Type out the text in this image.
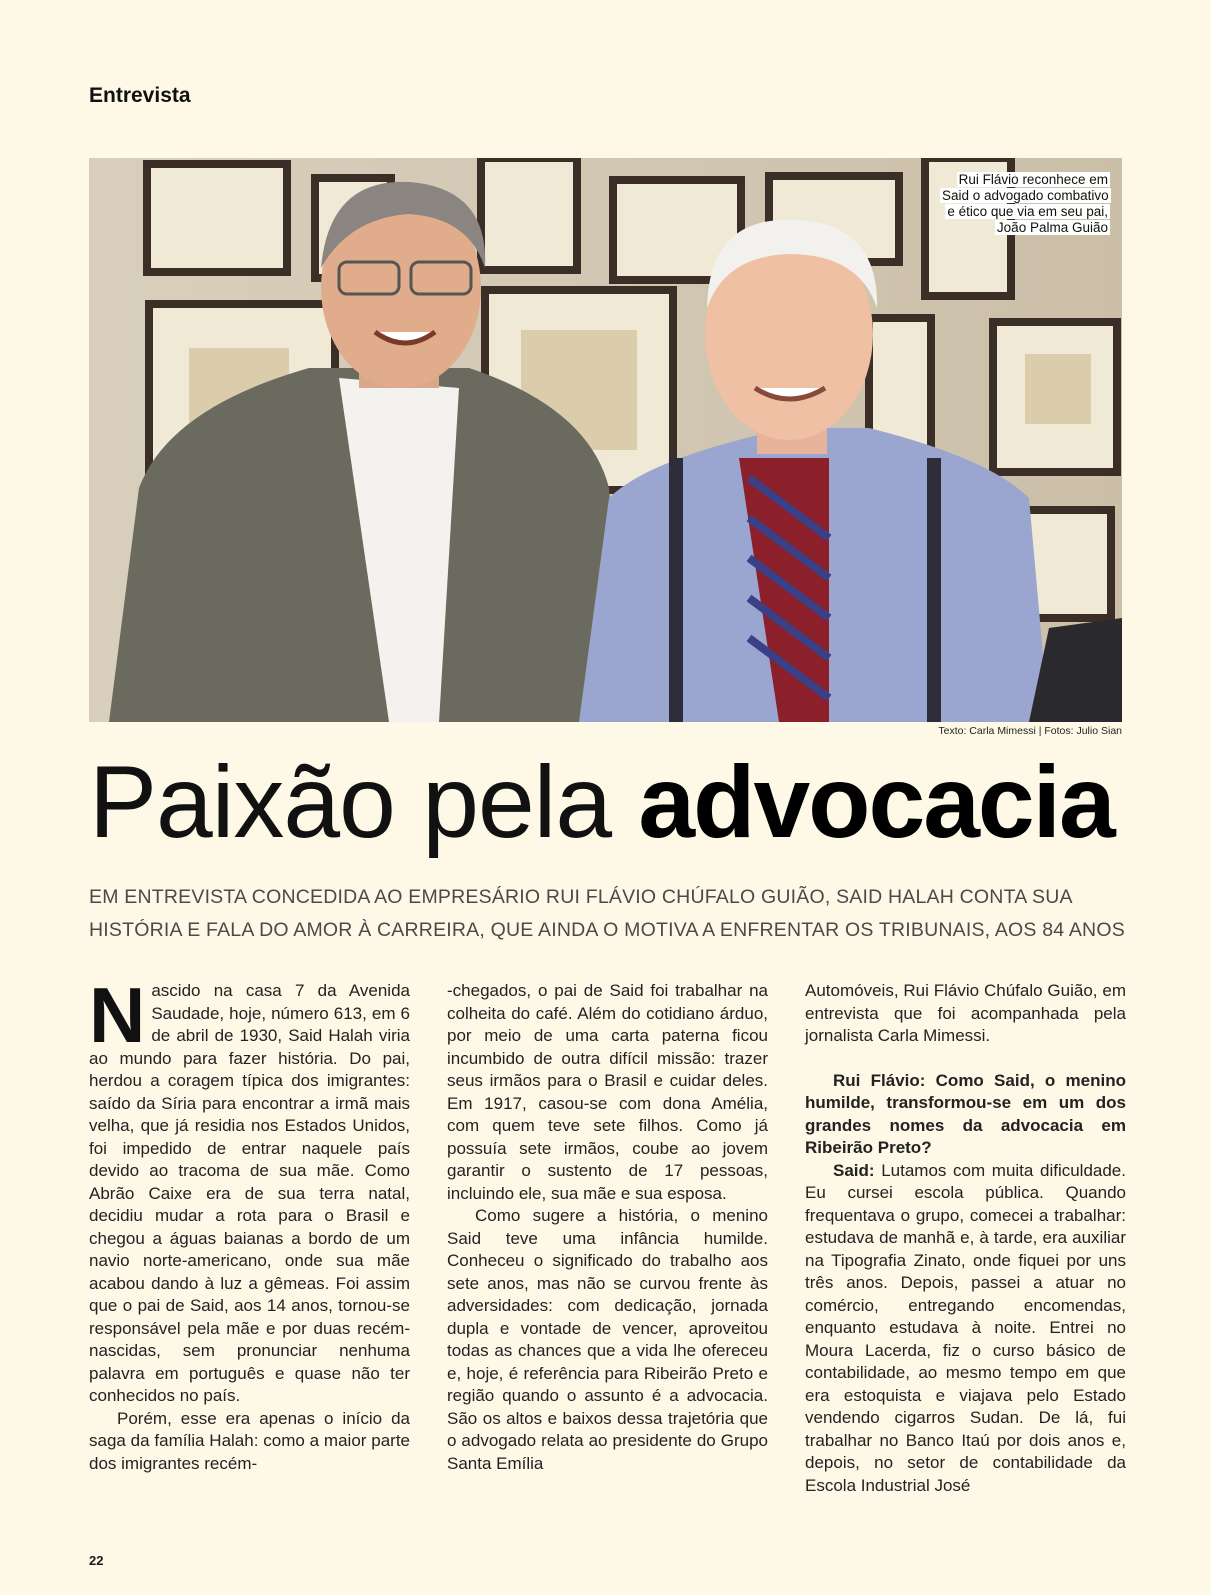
Entrevista
Rui Flávio reconhece em Said o advogado combativo e ético que via em seu pai, João Palma Guião
Texto: Carla Mimessi | Fotos: Julio Sian
Paixão pela advocacia
EM ENTREVISTA CONCEDIDA AO EMPRESÁRIO RUI FLÁVIO CHÚFALO GUIÃO, SAID HALAH CONTA SUA HISTÓRIA E FALA DO AMOR À CARREIRA, QUE AINDA O MOTIVA A ENFRENTAR OS TRIBUNAIS, AOS 84 ANOS

Nascido na casa 7 da Avenida Saudade, hoje, número 613, em 6 de abril de 1930, Said Halah viria ao mundo para fazer história. Do pai, herdou a coragem típica dos imigrantes: saído da Síria para encontrar a irmã mais velha, que já residia nos Estados Unidos, foi impedido de entrar naquele país devido ao tracoma de sua mãe. Como Abrão Caixe era de sua terra natal, decidiu mudar a rota para o Brasil e chegou a águas baianas a bordo de um navio norte-americano, onde sua mãe acabou dando à luz a gêmeas. Foi assim que o pai de Said, aos 14 anos, tornou-se responsável pela mãe e por duas recém-nascidas, sem pronunciar nenhuma palavra em português e quase não ter conhecidos no país.

Porém, esse era apenas o início da saga da família Halah: como a maior parte dos imigrantes recém-

-chegados, o pai de Said foi trabalhar na colheita do café. Além do cotidiano árduo, por meio de uma carta paterna ficou incumbido de outra difícil missão: trazer seus irmãos para o Brasil e cuidar deles. Em 1917, casou-se com dona Amélia, com quem teve sete filhos. Como já possuía sete irmãos, coube ao jovem garantir o sustento de 17 pessoas, incluindo ele, sua mãe e sua esposa.

Como sugere a história, o menino Said teve uma infância humilde. Conheceu o significado do trabalho aos sete anos, mas não se curvou frente às adversidades: com dedicação, jornada dupla e vontade de vencer, aproveitou todas as chances que a vida lhe ofereceu e, hoje, é referência para Ribeirão Preto e região quando o assunto é a advocacia. São os altos e baixos dessa trajetória que o advogado relata ao presidente do Grupo Santa Emília

Automóveis, Rui Flávio Chúfalo Guião, em entrevista que foi acompanhada pela jornalista Carla Mimessi.

Rui Flávio: Como Said, o menino humilde, transformou-se em um dos grandes nomes da advocacia em Ribeirão Preto?

Said: Lutamos com muita dificuldade. Eu cursei escola pública. Quando frequentava o grupo, comecei a trabalhar: estudava de manhã e, à tarde, era auxiliar na Tipografia Zinato, onde fiquei por uns três anos. Depois, passei a atuar no comércio, entregando encomendas, enquanto estudava à noite. Entrei no Moura Lacerda, fiz o curso básico de contabilidade, ao mesmo tempo em que era estoquista e viajava pelo Estado vendendo cigarros Sudan. De lá, fui trabalhar no Banco Itaú por dois anos e, depois, no setor de contabilidade da Escola Industrial José

22
